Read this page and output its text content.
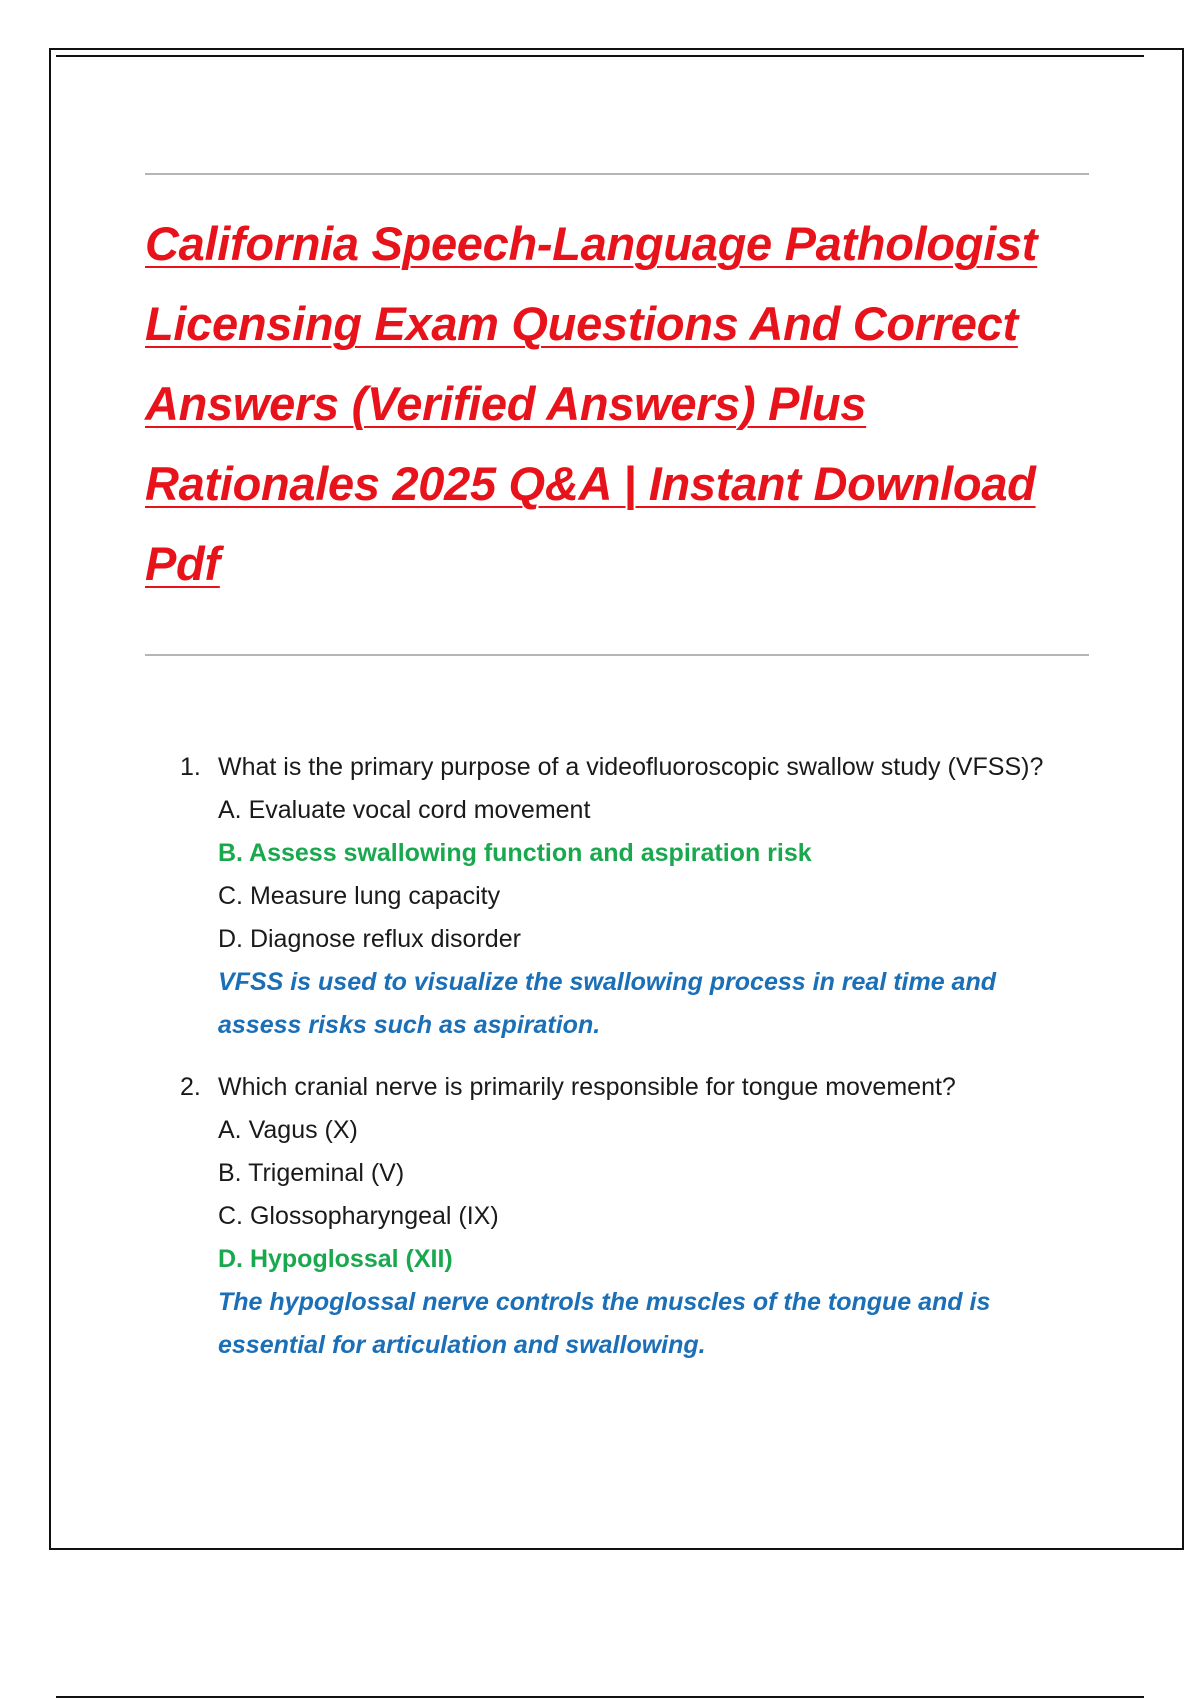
California Speech-Language Pathologist Licensing Exam Questions And Correct Answers (Verified Answers) Plus Rationales 2025 Q&A | Instant Download Pdf
1. What is the primary purpose of a videofluoroscopic swallow study (VFSS)?

A. Evaluate vocal cord movement

B. Assess swallowing function and aspiration risk

C. Measure lung capacity

D. Diagnose reflux disorder

VFSS is used to visualize the swallowing process in real time and assess risks such as aspiration.

2. Which cranial nerve is primarily responsible for tongue movement?

A. Vagus (X)

B. Trigeminal (V)

C. Glossopharyngeal (IX)

D. Hypoglossal (XII)

The hypoglossal nerve controls the muscles of the tongue and is essential for articulation and swallowing.
